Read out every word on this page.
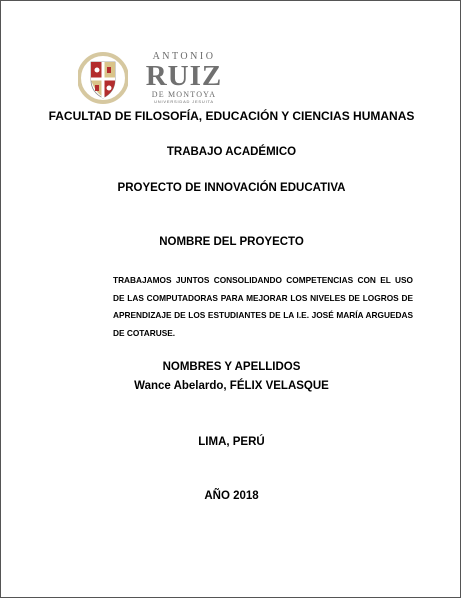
ANTONIO
RUIZ
DE MONTOYA
UNIVERSIDAD JESUITA
FACULTAD DE FILOSOFÍA, EDUCACIÓN Y CIENCIAS HUMANAS
TRABAJO ACADÉMICO
PROYECTO DE INNOVACIÓN EDUCATIVA
NOMBRE DEL PROYECTO
TRABAJAMOS JUNTOS CONSOLIDANDO COMPETENCIAS CON EL USO DE LAS COMPUTADORAS PARA MEJORAR LOS NIVELES DE LOGROS DE APRENDIZAJE DE LOS ESTUDIANTES DE LA I.E. JOSÉ MARÍA ARGUEDAS DE COTARUSE.
NOMBRES Y APELLIDOS
Wance Abelardo, FÉLIX VELASQUE
LIMA, PERÚ
AÑO 2018
